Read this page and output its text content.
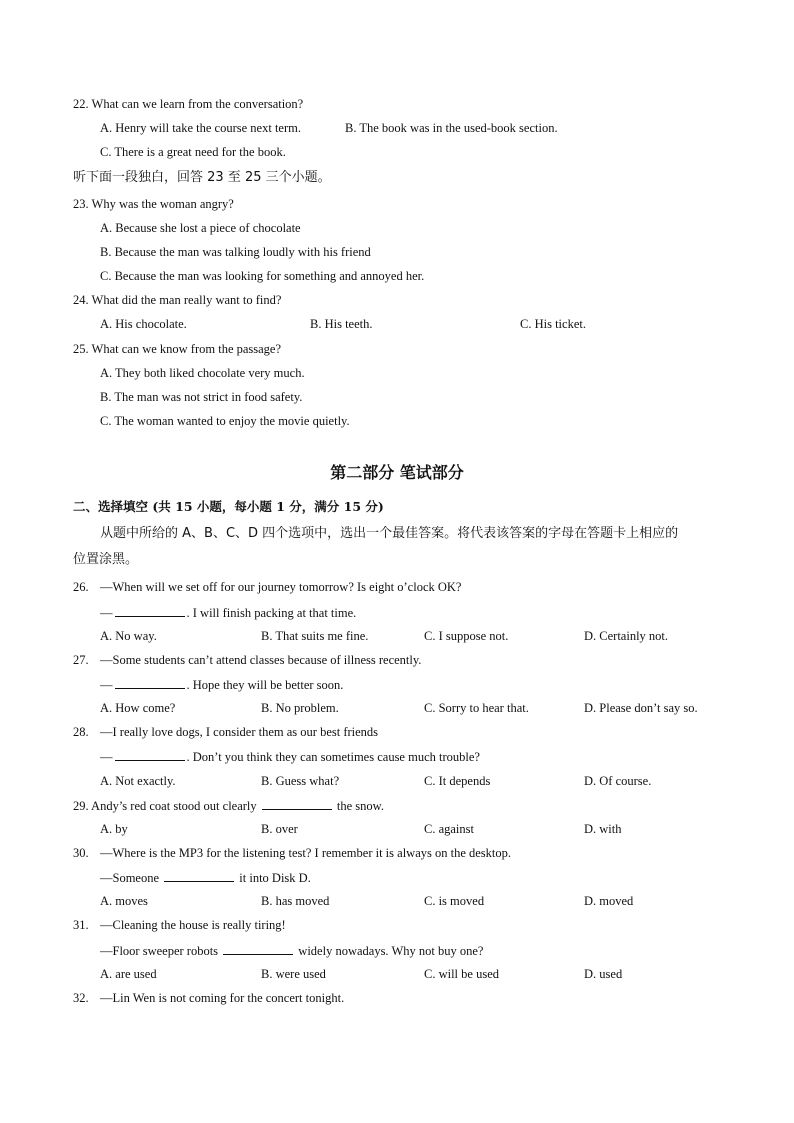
22. What can we learn from the conversation?
A. Henry will take the course next term.	B. The book was in the used-book section.
C. There is a great need for the book.
听下面一段独白，回答 23 至 25 三个小题。
23. Why was the woman angry?
A. Because she lost a piece of chocolate
B. Because the man was talking loudly with his friend
C. Because the man was looking for something and annoyed her.
24. What did the man really want to find?
A. His chocolate.	B. His teeth.	C. His ticket.
25. What can we know from the passage?
A. They both liked chocolate very much.
B. The man was not strict in food safety.
C. The woman wanted to enjoy the movie quietly.
第二部分 笔试部分
二、选择填空 (共 15 小题，每小题 1 分，满分 15 分)
从题中所给的 A、B、C、D 四个选项中，选出一个最佳答案。将代表该答案的字母在答题卡上相应的
位置涂黑。
26. —When will we set off for our journey tomorrow? Is eight o’clock OK?
—	. I will finish packing at that time.
A. No way.	B. That suits me fine.	C. I suppose not.	D. Certainly not.
27. —Some students can’t attend classes because of illness recently.
—	. Hope they will be better soon.
A. How come?	B. No problem.	C. Sorry to hear that.	D. Please don’t say so.
28. —I really love dogs, I consider them as our best friends
—	. Don’t you think they can sometimes cause much trouble?
A. Not exactly.	B. Guess what?	C. It depends	D. Of course.
29. Andy’s red coat stood out clearly	the snow.
A. by	B. over	C. against	D. with
30. —Where is the MP3 for the listening test? I remember it is always on the desktop.
—Someone	it into Disk D.
A. moves	B. has moved	C. is moved	D. moved
31. —Cleaning the house is really tiring!
—Floor sweeper robots	widely nowadays. Why not buy one?
A. are used	B. were used	C. will be used	D. used
32. —Lin Wen is not coming for the concert tonight.
